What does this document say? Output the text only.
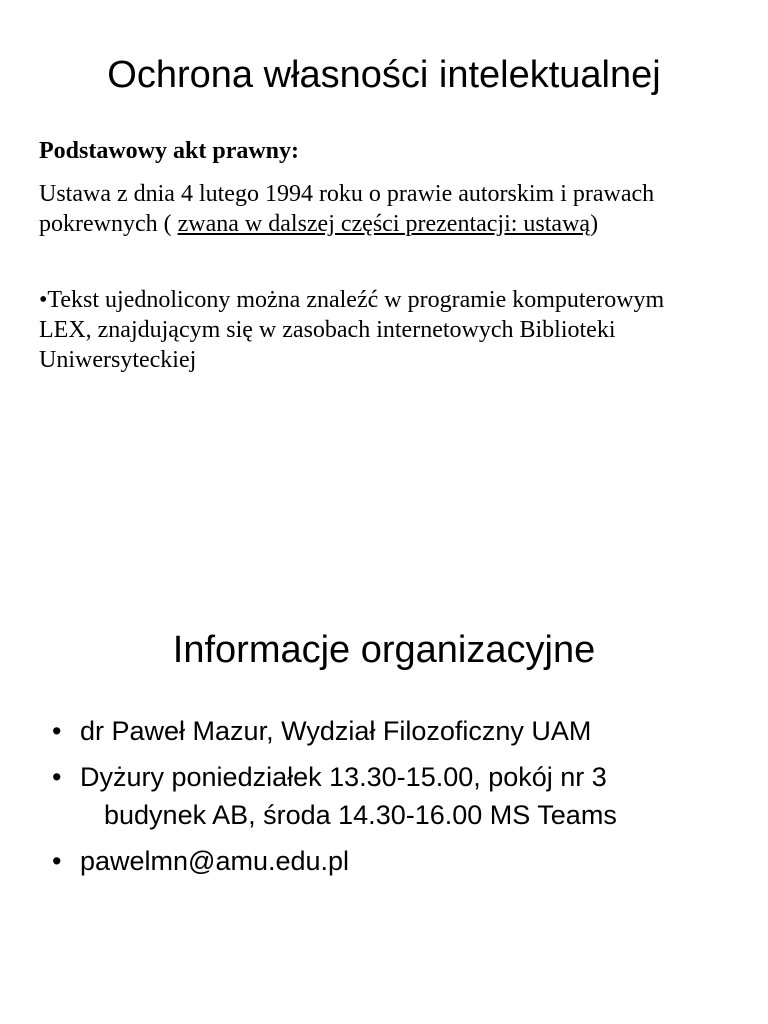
Ochrona własności intelektualnej

Podstawowy akt prawny:

Ustawa z dnia 4 lutego 1994 roku o prawie autorskim i prawach pokrewnych ( zwana w dalszej części prezentacji: ustawą)

•Tekst ujednolicony można znaleźć w programie komputerowym LEX, znajdującym się w zasobach internetowych Biblioteki Uniwersyteckiej

Informacje organizacyjne
• dr Paweł Mazur, Wydział Filozoficzny UAM
• Dyżury poniedziałek 13.30-15.00, pokój nr 3
budynek AB, środa 14.30-16.00 MS Teams
• pawelmn@amu.edu.pl
